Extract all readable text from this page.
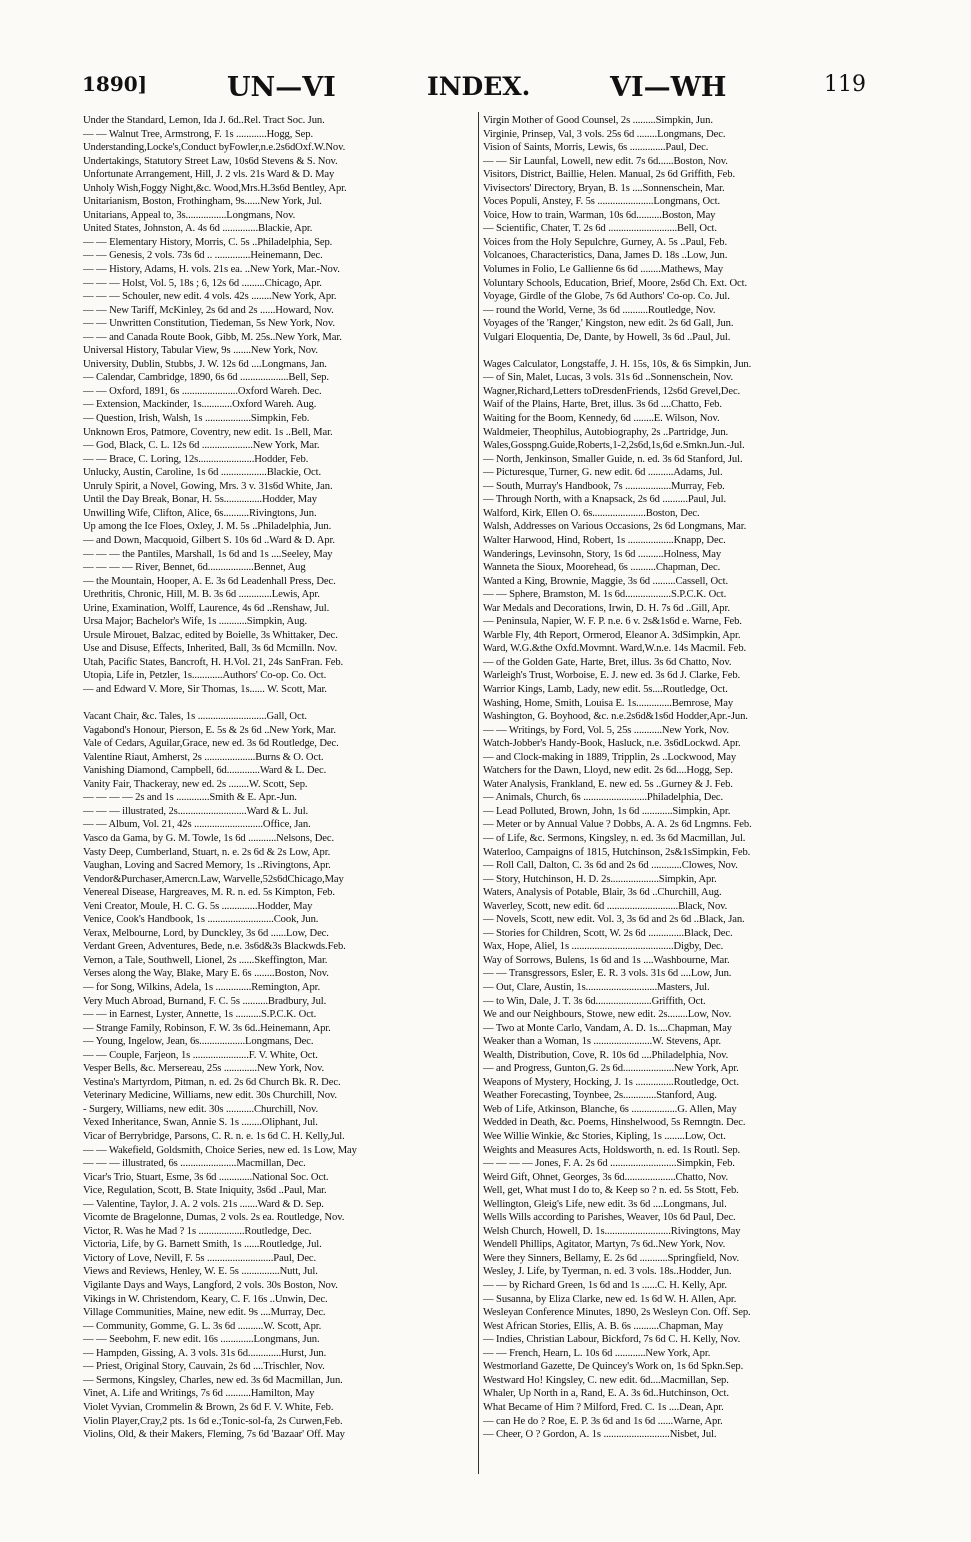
1890]	UN—VI	INDEX.	VI—WH	119
Under the Standard, Lemon, Ida J. 6d..Rel. Tract Soc. Jun.
— — Walnut Tree, Armstrong, F. 1s ............Hogg, Sep.
Understanding,Locke's,Conduct byFowler,n.e.2s6dOxf.W.Nov.
Undertakings, Statutory Street Law, 10s6d Stevens & S. Nov.
Unfortunate Arrangement, Hill, J. 2 vls. 21s Ward & D. May
Unholy Wish,Foggy Night,&c. Wood,Mrs.H.3s6d Bentley, Apr.
Unitarianism, Boston, Frothingham, 9s......New York, Jul.
Unitarians, Appeal to, 3s................Longmans, Nov.
United States, Johnston, A. 4s 6d ..............Blackie, Apr.
— — Elementary History, Morris, C. 5s ..Philadelphia, Sep.
— — Genesis, 2 vols. 73s 6d .. ..............Heinemann, Dec.
— — History, Adams, H. vols. 21s ea. ..New York, Mar.-Nov.
— — — Holst, Vol. 5, 18s ; 6, 12s 6d .........Chicago, Apr.
— — — Schouler, new edit. 4 vols. 42s ........New York, Apr.
— — New Tariff, McKinley, 2s 6d and 2s ......Howard, Nov.
— — Unwritten Constitution, Tiedeman, 5s New York, Nov.
— — and Canada Route Book, Gibb, M. 25s..New York, Mar.
Universal History, Tabular View, 9s .......New York, Nov.
University, Dublin, Stubbs, J. W. 12s 6d ....Longmans, Jan.
— Calendar, Cambridge, 1890, 6s 6d ...................Bell, Sep.
— — Oxford, 1891, 6s ......................Oxford Wareh. Dec.
— Extension, Mackinder, 1s............Oxford Wareh. Aug.
— Question, Irish, Walsh, 1s ..................Simpkin, Feb.
Unknown Eros, Patmore, Coventry, new edit. 1s ..Bell, Mar.
— God, Black, C. L. 12s 6d ....................New York, Mar.
— — Brace, C. Loring, 12s......................Hodder, Feb.
Unlucky, Austin, Caroline, 1s 6d ..................Blackie, Oct.
Unruly Spirit, a Novel, Gowing, Mrs. 3 v. 31s6d White, Jan.
Until the Day Break, Bonar, H. 5s...............Hodder, May
Unwilling Wife, Clifton, Alice, 6s..........Rivingtons, Jun.
Up among the Ice Floes, Oxley, J. M. 5s ..Philadelphia, Jun.
— and Down, Macquoid, Gilbert S. 10s 6d ..Ward & D. Apr.
— — — the Pantiles, Marshall, 1s 6d and 1s ....Seeley, May
— — — — River, Bennet, 6d..................Bennet, Aug
— the Mountain, Hooper, A. E. 3s 6d Leadenhall Press, Dec.
Urethritis, Chronic, Hill, M. B. 3s 6d .............Lewis, Apr.
Urine, Examination, Wolff, Laurence, 4s 6d ..Renshaw, Jul.
Ursa Major; Bachelor's Wife, 1s ...........Simpkin, Aug.
Ursule Mirouet, Balzac, edited by Boielle, 3s Whittaker, Dec.
Use and Disuse, Effects, Inherited, Ball, 3s 6d Mcmilln. Nov.
Utah, Pacific States, Bancroft, H. H.Vol. 21, 24s SanFran. Feb.
Utopia, Life in, Petzler, 1s............Authors' Co-op. Co. Oct.
— and Edward V. More, Sir Thomas, 1s...... W. Scott, Mar.
Vacant Chair, &c. Tales, 1s ...........................Gall, Oct.
Vagabond's Honour, Pierson, E. 5s & 2s 6d ..New York, Mar.
Vale of Cedars, Aguilar,Grace, new ed. 3s 6d Routledge, Dec.
Valentine Riaut, Amherst, 2s ....................Burns & O. Oct.
Vanishing Diamond, Campbell, 6d.............Ward & L. Dec.
Vanity Fair, Thackeray, new ed. 2s ........W. Scott, Sep.
— — — — 2s and 1s .............Smith & E. Apr.-Jun.
— — — illustrated, 2s...........................Ward & L. Jul.
— — Album, Vol. 21, 42s ...........................Office, Jan.
Vasco da Gama, by G. M. Towle, 1s 6d ...........Nelsons, Dec.
Vasty Deep, Cumberland, Stuart, n. e. 2s 6d & 2s Low, Apr.
Vaughan, Loving and Sacred Memory, 1s ..Rivingtons, Apr.
Vendor&Purchaser,Amercn.Law, Warvelle,52s6dChicago,May
Venereal Disease, Hargreaves, M. R. n. ed. 5s Kimpton, Feb.
Veni Creator, Moule, H. C. G. 5s ..............Hodder, May
Venice, Cook's Handbook, 1s ..........................Cook, Jun.
Verax, Melbourne, Lord, by Dunckley, 3s 6d ......Low, Dec.
Verdant Green, Adventures, Bede, n.e. 3s6d&3s Blackwds.Feb.
Vernon, a Tale, Southwell, Lionel, 2s ......Skeffington, Mar.
Verses along the Way, Blake, Mary E. 6s ........Boston, Nov.
— for Song, Wilkins, Adela, 1s ..............Remington, Apr.
Very Much Abroad, Burnand, F. C. 5s ..........Bradbury, Jul.
— — in Earnest, Lyster, Annette, 1s ..........S.P.C.K. Oct.
— Strange Family, Robinson, F. W. 3s 6d..Heinemann, Apr.
— Young, Ingelow, Jean, 6s..................Longmans, Dec.
— — Couple, Farjeon, 1s ......................F. V. White, Oct.
Vesper Bells, &c. Mersereau, 25s .............New York, Nov.
Vestina's Martyrdom, Pitman, n. ed. 2s 6d Church Bk. R. Dec.
Veterinary Medicine, Williams, new edit. 30s Churchill, Nov.
- Surgery, Williams, new edit. 30s ...........Churchill, Nov.
Vexed Inheritance, Swan, Annie S. 1s ........Oliphant, Jul.
Vicar of Berrybridge, Parsons, C. R. n. e. 1s 6d C. H. Kelly,Jul.
— — Wakefield, Goldsmith, Choice Series, new ed. 1s Low, May
— — — illustrated, 6s ......................Macmillan, Dec.
Vicar's Trio, Stuart, Esme, 3s 6d .............National Soc. Oct.
Vice, Regulation, Scott, B. State Iniquity, 3s6d ..Paul, Mar.
— Valentine, Taylor, J. A. 2 vols. 21s .......Ward & D. Sep.
Vicomte de Bragelonne, Dumas, 2 vols. 2s ea. Routledge, Nov.
Victor, R. Was he Mad ? 1s ..................Routledge, Dec.
Victoria, Life, by G. Barnett Smith, 1s ......Routledge, Jul.
Victory of Love, Nevill, F. 5s ..........................Paul, Dec.
Views and Reviews, Henley, W. E. 5s ...............Nutt, Jul.
Vigilante Days and Ways, Langford, 2 vols. 30s Boston, Nov.
Vikings in W. Christendom, Keary, C. F. 16s ..Unwin, Dec.
Village Communities, Maine, new edit. 9s ....Murray, Dec.
— Community, Gomme, G. L. 3s 6d ..........W. Scott, Apr.
— — Seebohm, F. new edit. 16s .............Longmans, Jun.
— Hampden, Gissing, A. 3 vols. 31s 6d.............Hurst, Jun.
— Priest, Original Story, Cauvain, 2s 6d ....Trischler, Nov.
— Sermons, Kingsley, Charles, new ed. 3s 6d Macmillan, Jun.
Vinet, A. Life and Writings, 7s 6d ..........Hamilton, May
Violet Vyvian, Crommelin & Brown, 2s 6d F. V. White, Feb.
Violin Player,Cray,2 pts. 1s 6d e.;Tonic-sol-fa, 2s Curwen,Feb.
Violins, Old, & their Makers, Fleming, 7s 6d 'Bazaar' Off. May
Virgin Mother of Good Counsel, 2s .........Simpkin, Jun.
Virginie, Prinsep, Val, 3 vols. 25s 6d ........Longmans, Dec.
Vision of Saints, Morris, Lewis, 6s ..............Paul, Dec.
— — Sir Launfal, Lowell, new edit. 7s 6d......Boston, Nov.
Visitors, District, Baillie, Helen. Manual, 2s 6d Griffith, Feb.
Vivisectors' Directory, Bryan, B. 1s ....Sonnenschein, Mar.
Voces Populi, Anstey, F. 5s ......................Longmans, Oct.
Voice, How to train, Warman, 10s 6d..........Boston, May
— Scientific, Chater, T. 2s 6d ...........................Bell, Oct.
Voices from the Holy Sepulchre, Gurney, A. 5s ..Paul, Feb.
Volcanoes, Characteristics, Dana, James D. 18s ..Low, Jun.
Volumes in Folio, Le Gallienne 6s 6d ........Mathews, May
Voluntary Schools, Education, Brief, Moore, 2s6d Ch. Ext. Oct.
Voyage, Girdle of the Globe, 7s 6d Authors' Co-op. Co. Jul.
— round the World, Verne, 3s 6d ..........Routledge, Nov.
Voyages of the 'Ranger,' Kingston, new edit. 2s 6d Gall, Jun.
Vulgari Eloquentia, De, Dante, by Howell, 3s 6d ..Paul, Jul.
Wages Calculator, Longstaffe, J. H. 15s, 10s, & 6s Simpkin, Jun.
— of Sin, Malet, Lucas, 3 vols. 31s 6d ..Sonnenschein, Nov.
Wagner,Richard,Letters toDresdenFriends, 12s6d Grevel,Dec.
Waif of the Plains, Harte, Bret, illus. 3s 6d ....Chatto, Feb.
Waiting for the Boom, Kennedy, 6d ........E. Wilson, Nov.
Waldmeier, Theophilus, Autobiography, 2s ..Partridge, Jun.
Wales,Gosspng.Guide,Roberts,1-2,2s6d,1s,6d e.Smkn.Jun.-Jul.
— North, Jenkinson, Smaller Guide, n. ed. 3s 6d Stanford, Jul.
— Picturesque, Turner, G. new edit. 6d ..........Adams, Jul.
— South, Murray's Handbook, 7s ..................Murray, Feb.
— Through North, with a Knapsack, 2s 6d ..........Paul, Jul.
Walford, Kirk, Ellen O. 6s.....................Boston, Dec.
Walsh, Addresses on Various Occasions, 2s 6d Longmans, Mar.
Walter Harwood, Hind, Robert, 1s ..................Knapp, Dec.
Wanderings, Levinsohn, Story, 1s 6d ..........Holness, May
Wanneta the Sioux, Moorehead, 6s ..........Chapman, Dec.
Wanted a King, Brownie, Maggie, 3s 6d .........Cassell, Oct.
— — Sphere, Bramston, M. 1s 6d..................S.P.C.K. Oct.
War Medals and Decorations, Irwin, D. H. 7s 6d ..Gill, Apr.
— Peninsula, Napier, W. F. P. n.e. 6 v. 2s&1s6d e. Warne, Feb.
Warble Fly, 4th Report, Ormerod, Eleanor A. 3dSimpkin, Apr.
Ward, W.G.&the Oxfd.Movmnt. Ward,W.n.e. 14s Macmil. Feb.
— of the Golden Gate, Harte, Bret, illus. 3s 6d Chatto, Nov.
Warleigh's Trust, Worboise, E. J. new ed. 3s 6d J. Clarke, Feb.
Warrior Kings, Lamb, Lady, new edit. 5s....Routledge, Oct.
Washing, Home, Smith, Louisa E. 1s..............Bemrose, May
Washington, G. Boyhood, &c. n.e.2s6d&1s6d Hodder,Apr.-Jun.
— — Writings, by Ford, Vol. 5, 25s ...........New York, Nov.
Watch-Jobber's Handy-Book, Hasluck, n.e. 3s6dLockwd. Apr.
— and Clock-making in 1889, Tripplin, 2s ..Lockwood, May
Watchers for the Dawn, Lloyd, new edit. 2s 6d....Hogg, Sep.
Water Analysis, Frankland, E. new ed. 5s ..Gurney & J. Feb.
— Animals, Church, 6s .........................Philadelphia, Dec.
— Lead Polluted, Brown, John, 1s 6d ............Simpkin, Apr.
— Meter or by Annual Value ? Dobbs, A. A. 2s 6d Lngmns. Feb.
— of Life, &c. Sermons, Kingsley, n. ed. 3s 6d Macmillan, Jul.
Waterloo, Campaigns of 1815, Hutchinson, 2s&1sSimpkin, Feb.
— Roll Call, Dalton, C. 3s 6d and 2s 6d ............Clowes, Nov.
— Story, Hutchinson, H. D. 2s...................Simpkin, Apr.
Waters, Analysis of Potable, Blair, 3s 6d ..Churchill, Aug.
Waverley, Scott, new edit. 6d ............................Black, Nov.
— Novels, Scott, new edit. Vol. 3, 3s 6d and 2s 6d ..Black, Jan.
— Stories for Children, Scott, W. 2s 6d ..............Black, Dec.
Wax, Hope, Aliel, 1s ........................................Digby, Dec.
Way of Sorrows, Bulens, 1s 6d and 1s ....Washbourne, Mar.
— — Transgressors, Esler, E. R. 3 vols. 31s 6d ....Low, Jun.
— Out, Clare, Austin, 1s............................Masters, Jul.
— to Win, Dale, J. T. 3s 6d......................Griffith, Oct.
We and our Neighbours, Stowe, new edit. 2s........Low, Nov.
— Two at Monte Carlo, Vandam, A. D. 1s....Chapman, May
Weaker than a Woman, 1s .......................W. Stevens, Apr.
Wealth, Distribution, Cove, R. 10s 6d ....Philadelphia, Nov.
— and Progress, Gunton,G. 2s 6d....................New York, Apr.
Weapons of Mystery, Hocking, J. 1s ...............Routledge, Oct.
Weather Forecasting, Toynbee, 2s.............Stanford, Aug.
Web of Life, Atkinson, Blanche, 6s ..................G. Allen, May
Wedded in Death, &c. Poems, Hinshelwood, 5s Remngtn. Dec.
Wee Willie Winkie, &c Stories, Kipling, 1s ........Low, Oct.
Weights and Measures Acts, Holdsworth, n. ed. 1s Routl. Sep.
— — — — Jones, F. A. 2s 6d ..........................Simpkin, Feb.
Weird Gift, Ohnet, Georges, 3s 6d....................Chatto, Nov.
Well, get, What must I do to, & Keep so ? n. ed. 5s Stott, Feb.
Wellington, Gleig's Life, new edit. 3s 6d ....Longmans, Jul.
Wells Wills according to Parishes, Weaver, 10s 6d Paul, Dec.
Welsh Church, Howell, D. 1s..........................Rivingtons, May
Wendell Phillips, Agitator, Martyn, 7s 6d..New York, Nov.
Were they Sinners, Bellamy, E. 2s 6d ...........Springfield, Nov.
Wesley, J. Life, by Tyerman, n. ed. 3 vols. 18s..Hodder, Jun.
— — by Richard Green, 1s 6d and 1s ......C. H. Kelly, Apr.
— Susanna, by Eliza Clarke, new ed. 1s 6d W. H. Allen, Apr.
Wesleyan Conference Minutes, 1890, 2s Wesleyn Con. Off. Sep.
West African Stories, Ellis, A. B. 6s ..........Chapman, May
— Indies, Christian Labour, Bickford, 7s 6d C. H. Kelly, Nov.
— — French, Hearn, L. 10s 6d ............New York, Apr.
Westmorland Gazette, De Quincey's Work on, 1s 6d Spkn.Sep.
Westward Ho! Kingsley, C. new edit. 6d....Macmillan, Sep.
Whaler, Up North in a, Rand, E. A. 3s 6d..Hutchinson, Oct.
What Became of Him ? Milford, Fred. C. 1s ....Dean, Apr.
— can He do ? Roe, E. P. 3s 6d and 1s 6d ......Warne, Apr.
— Cheer, O ? Gordon, A. 1s ..........................Nisbet, Jul.
